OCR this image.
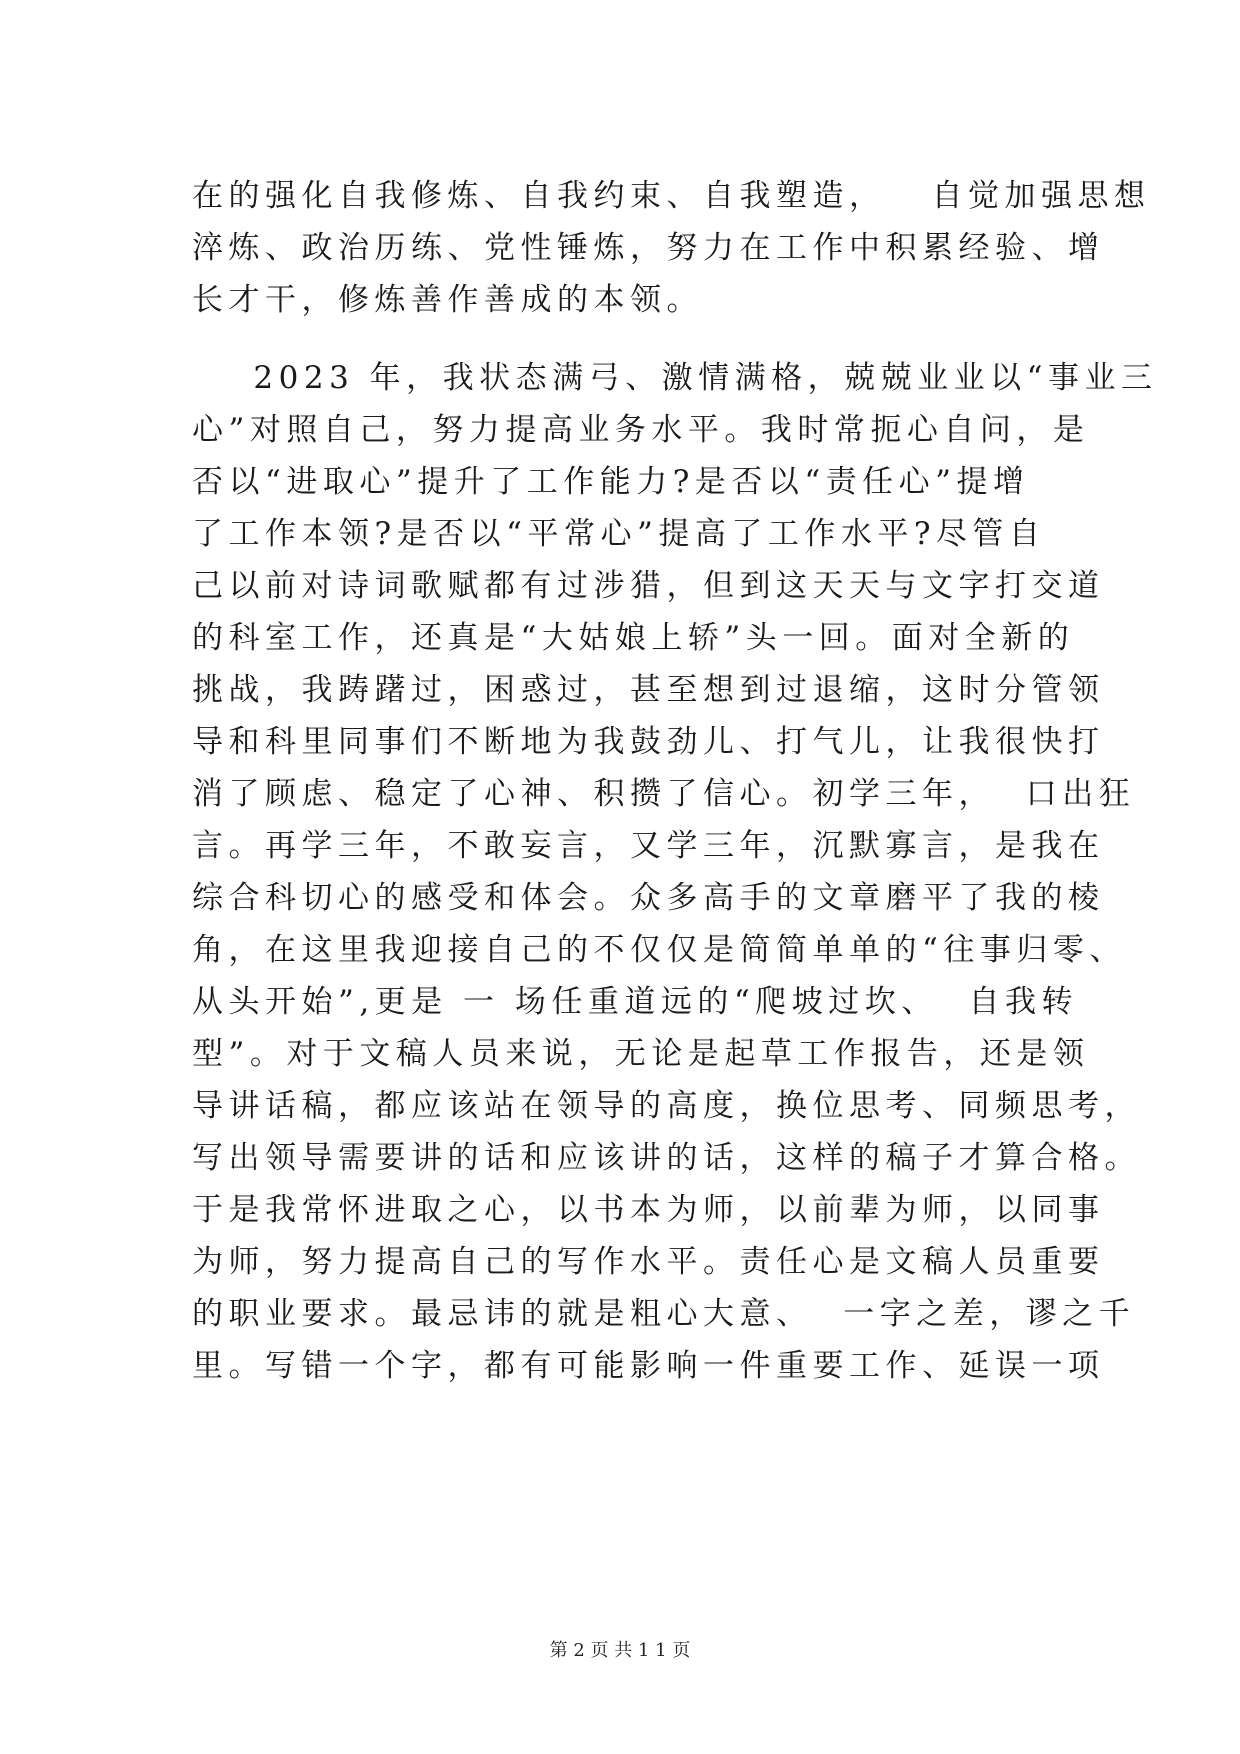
在的强化自我修炼、自我约束、自我塑造，   自觉加强思想
淬炼、政治历练、党性锤炼，努力在工作中积累经验、增
长才干，修炼善作善成的本领。
2023 年，我状态满弓、激情满格，兢兢业业以“事业三
心”对照自己，努力提高业务水平。我时常扼心自问，是
否以“进取心”提升了工作能力?是否以“责任心”提增
了工作本领?是否以“平常心”提高了工作水平?尽管自
己以前对诗词歌赋都有过涉猎，但到这天天与文字打交道
的科室工作，还真是“大姑娘上轿”头一回。面对全新的
挑战，我踌躇过，困惑过，甚至想到过退缩，这时分管领
导和科里同事们不断地为我鼓劲儿、打气儿，让我很快打
消了顾虑、稳定了心神、积攒了信心。初学三年，  口出狂
言。再学三年，不敢妄言，又学三年，沉默寡言，是我在
综合科切心的感受和体会。众多高手的文章磨平了我的棱
角，在这里我迎接自己的不仅仅是简简单单的“往事归零、
从头开始”,更是 一 场任重道远的“爬坡过坎、  自我转
型”。对于文稿人员来说，无论是起草工作报告，还是领
导讲话稿，都应该站在领导的高度，换位思考、同频思考，
写出领导需要讲的话和应该讲的话，这样的稿子才算合格。
于是我常怀进取之心，以书本为师，以前辈为师，以同事
为师，努力提高自己的写作水平。责任心是文稿人员重要
的职业要求。最忌讳的就是粗心大意、  一字之差，谬之千
里。写错一个字，都有可能影响一件重要工作、延误一项
第 2 页 共 1 1 页
